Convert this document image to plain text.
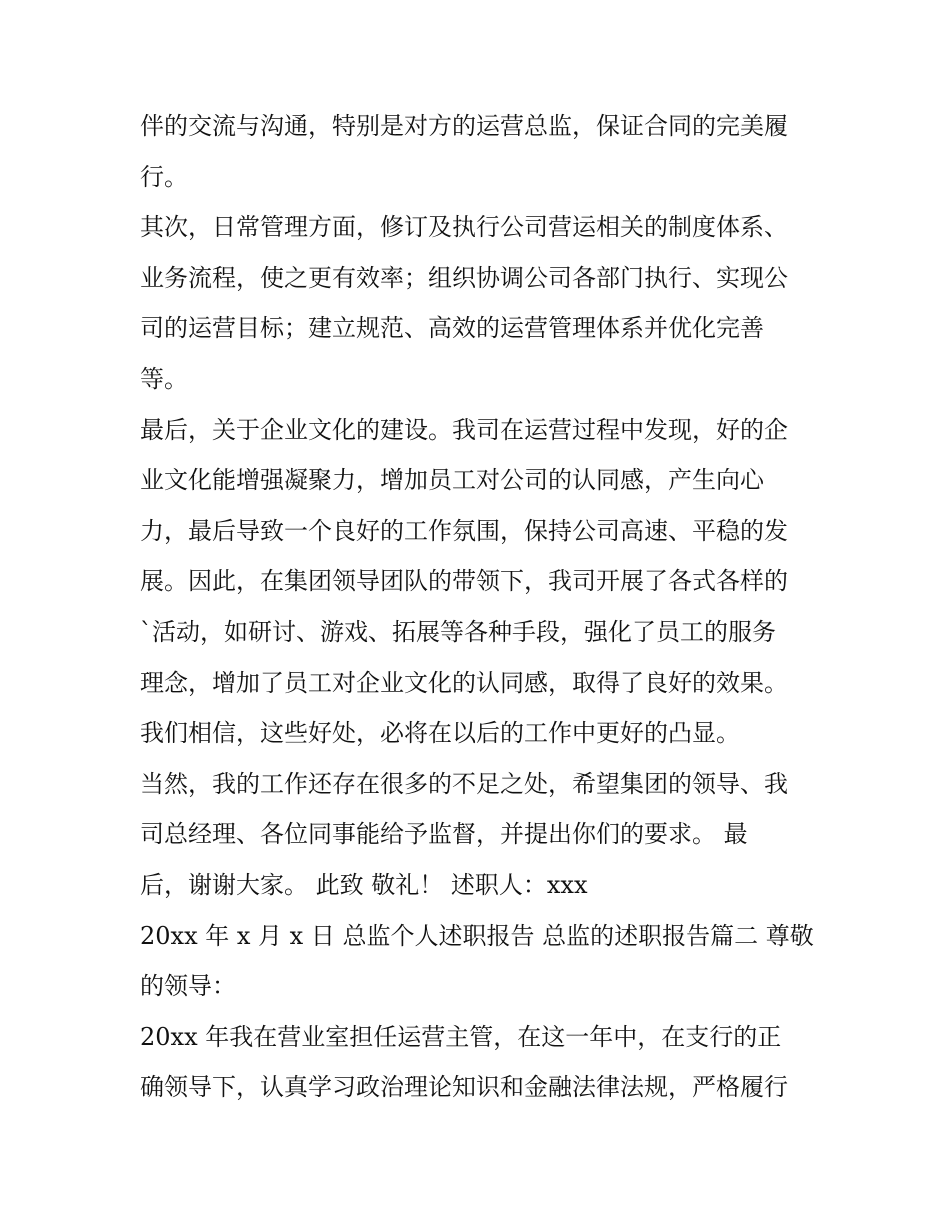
伴的交流与沟通，特别是对方的运营总监，保证合同的完美履
行。
其次，日常管理方面，修订及执行公司营运相关的制度体系、
业务流程，使之更有效率；组织协调公司各部门执行、实现公
司的运营目标；建立规范、高效的运营管理体系并优化完善
等。
最后，关于企业文化的建设。我司在运营过程中发现，好的企
业文化能增强凝聚力，增加员工对公司的认同感，产生向心
力，最后导致一个良好的工作氛围，保持公司高速、平稳的发
展。因此，在集团领导团队的带领下，我司开展了各式各样的
`活动，如研讨、游戏、拓展等各种手段，强化了员工的服务
理念，增加了员工对企业文化的认同感，取得了良好的效果。
我们相信，这些好处，必将在以后的工作中更好的凸显。
当然，我的工作还存在很多的不足之处，希望集团的领导、我
司总经理、各位同事能给予监督，并提出你们的要求。 最
后，谢谢大家。 此致 敬礼！ 述职人：xxx
20xx 年 x 月 x 日 总监个人述职报告 总监的述职报告篇二 尊敬
的领导：
20xx 年我在营业室担任运营主管，在这一年中，在支行的正
确领导下，认真学习政治理论知识和金融法律法规，严格履行
